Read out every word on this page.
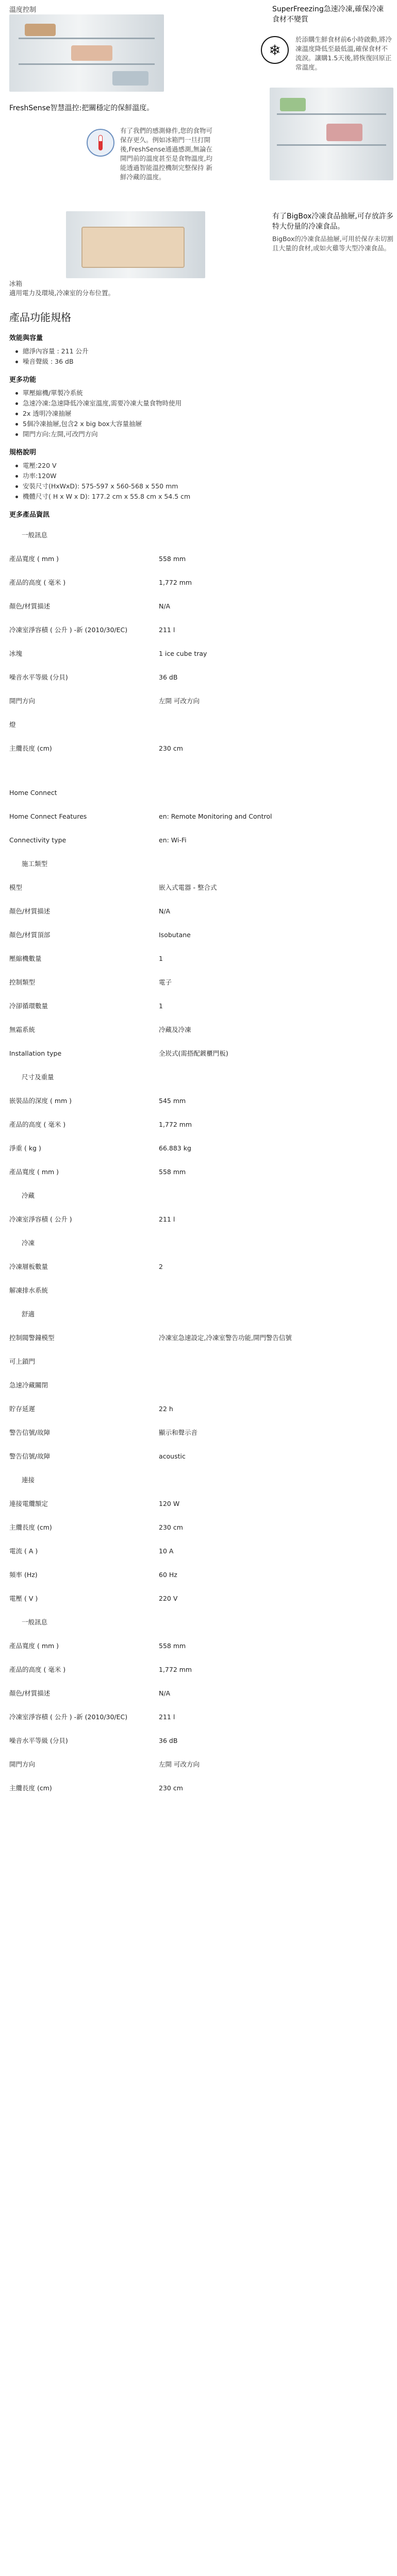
溫度控制	SuperFreezing急速冷凍,確保冷凍食材不變質
❄
於添購生鮮食材前6小時啟動,將冷凍溫度降低至最低溫,確保食材不流淚。讓購1.5天後,將恢復回原正常溫度。
FreshSense智慧溫控:把關穩定的保鮮溫度。
有了我們的感測條件,您的食物可保存更久。例如冰箱門一旦打開後,FreshSense通過感測,無論在開門前的溫度甚至是食物溫度,均能透過智能溫控機制完整保持 新鮮冷藏的溫度。
有了BigBox冷凍食品抽屜,可存放許多特大份量的冷凍食品。
BigBox的冷凍食品抽屜,可用於保存未切割且大量的食材,或如火雞等大型冷凍食品。
冰箱
適用電力及環境,冷凍室的分布位置。
產品功能規格
效能與容量
總淨內容量 : 211 公升
噪音聲級 : 36 dB
更多功能
單壓縮機/單製冷系統
急速冷凍:急速降低冷凍室溫度,需要冷凍大量食物時使用
2x 透明冷凍抽屜
5個冷凍抽屜,包含2 x big box大容量抽屜
開門方向:左開,可改門方向
規格說明
電壓:220 V
功率:120W
安裝尺寸(HxWxD): 575-597 x 560-568 x 550 mm
機體尺寸( H x W x D): 177.2 cm x 55.8 cm x 54.5 cm
更多產品資訊
一般訊息
產品寬度 ( mm )	558 mm
產品的高度 ( 毫米 )	1,772 mm
顏色/材質描述	N/A
冷凍室淨容積 ( 公升 ) -新 (2010/30/EC)	211 l
冰塊	1 ice cube tray
噪音水平等級 (分貝)	36 dB
開門方向	左開 可改方向
燈
主纜長度 (cm)	230 cm
Home Connect
Home Connect Features	en: Remote Monitoring and Control
Connectivity type	en: Wi-Fi
施工類型
模型	嵌入式電器 - 整合式
顏色/材質描述	N/A
顏色/材質頂部	Isobutane
壓縮機數量	1
控制類型	電子
冷卻循環數量	1
無霜系統	冷藏及冷凍
Installation type	全崁式(需搭配鍍櫃門板)
尺寸及重量
嵌裝品的深度 ( mm )	545 mm
產品的高度 ( 毫米 )	1,772 mm
淨重 ( kg )	66.883 kg
產品寬度 ( mm )	558 mm
冷藏
冷凍室淨容積 ( 公升 )	211 l
冷凍
冷凍層板數量	2
解凍排水系統
舒適
控制閥警鐘模型	冷凍室急速設定,冷凍室警告功能,開門警告信號
可上鎖門
急速冷藏關閉
貯存延遲	22 h
警告信號/故障	顯示和聲示音
警告信號/故障	acoustic
連接
連接電纜額定	120 W
主纜長度 (cm)	230 cm
電流 ( A )	10 A
頻率 (Hz)	60 Hz
電壓 ( V )	220 V
一般訊息
產品寬度 ( mm )	558 mm
產品的高度 ( 毫米 )	1,772 mm
顏色/材質描述	N/A
冷凍室淨容積 ( 公升 ) -新 (2010/30/EC)	211 l
噪音水平等級 (分貝)	36 dB
開門方向	左開 可改方向
主纜長度 (cm)	230 cm
